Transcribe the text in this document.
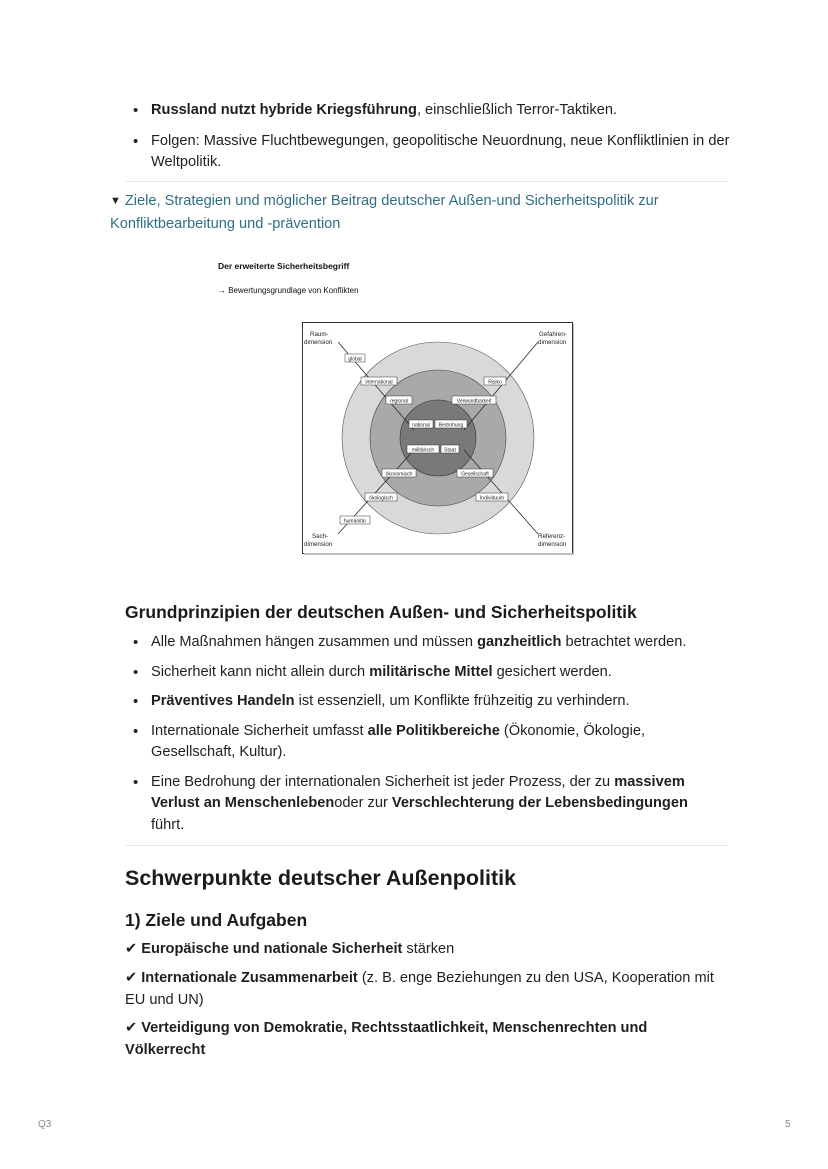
• Russland nutzt hybride Kriegsführung, einschließlich Terror-Taktiken.
• Folgen: Massive Fluchtbewegungen, geopolitische Neuordnung, neue Konfliktlinien in der Weltpolitik.
▼ Ziele, Strategien und möglicher Beitrag deutscher Außen-und Sicherheitspolitik zur Konfliktbearbeitung und -prävention
Der erweiterte Sicherheitsbegriff
→ Bewertungsgrundlage von Konflikten
Raum-
dimension
Gefahren-
dimension
Sach-
dimension
Referenz-
dimension
global
international
regional
national
Risiko
Verwundbarkeit
Bedrohung
militärisch Staat
ökonomisch	Gesellschaft
ökologisch	Individuum
humanitär
Grundprinzipien der deutschen Außen- und Sicherheitspolitik
• Alle Maßnahmen hängen zusammen und müssen ganzheitlich betrachtet werden.
• Sicherheit kann nicht allein durch militärische Mittel gesichert werden.
• Präventives Handeln ist essenziell, um Konflikte frühzeitig zu verhindern.
• Internationale Sicherheit umfasst alle Politikbereiche (Ökonomie, Ökologie, Gesellschaft, Kultur).
• Eine Bedrohung der internationalen Sicherheit ist jeder Prozess, der zu massivem Verlust an Menschenlebenoder zur Verschlechterung der Lebensbedingungen führt.
Schwerpunkte deutscher Außenpolitik
1) Ziele und Aufgaben
✔ Europäische und nationale Sicherheit stärken
✔ Internationale Zusammenarbeit (z. B. enge Beziehungen zu den USA, Kooperation mit EU und UN)
✔ Verteidigung von Demokratie, Rechtsstaatlichkeit, Menschenrechten und Völkerrecht
Q3	5
